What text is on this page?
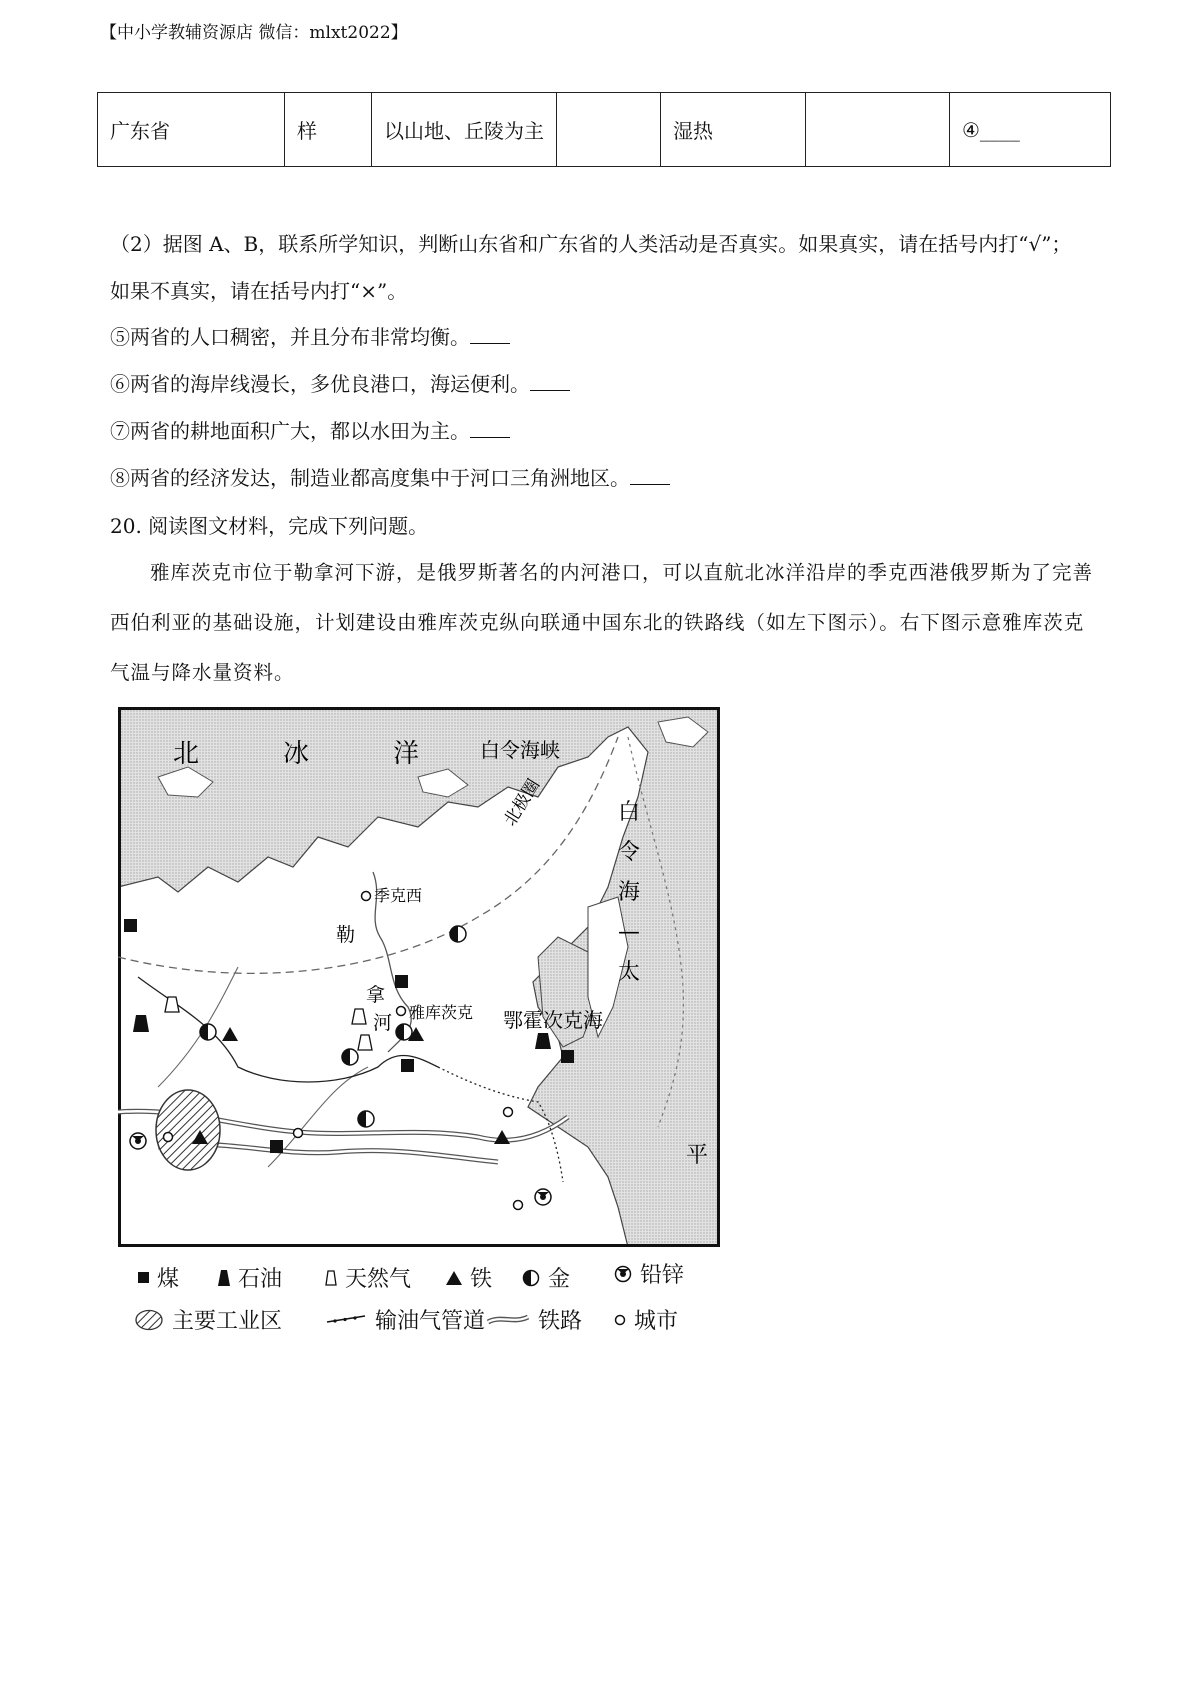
【中小学教辅资源店 微信：mlxt2022】
广东省	样	以山地、丘陵为主		湿热		④____
（2）据图 A、B，联系所学知识，判断山东省和广东省的人类活动是否真实。如果真实，请在括号内打“√”；
如果不真实，请在括号内打“×”。
⑤两省的人口稠密，并且分布非常均衡。
⑥两省的海岸线漫长，多优良港口，海运便利。
⑦两省的耕地面积广大，都以水田为主。
⑧两省的经济发达，制造业都高度集中于河口三角洲地区。
20. 阅读图文材料，完成下列问题。
雅库茨克市位于勒拿河下游，是俄罗斯著名的内河港口，可以直航北冰洋沿岸的季克西港俄罗斯为了完善西伯利亚的基础设施，计划建设由雅库茨克纵向联通中国东北的铁路线（如左下图示）。右下图示意雅库茨克气温与降水量资料。
北	冰	洋	白令海峡
北极圈
季克西
勒
拿
河 雅库茨克 鄂霍次克海
白
令
海
—
太
平
煤	石油	天然气	铁	金	铅锌
主要工业区	输油气管道 铁路 城市
